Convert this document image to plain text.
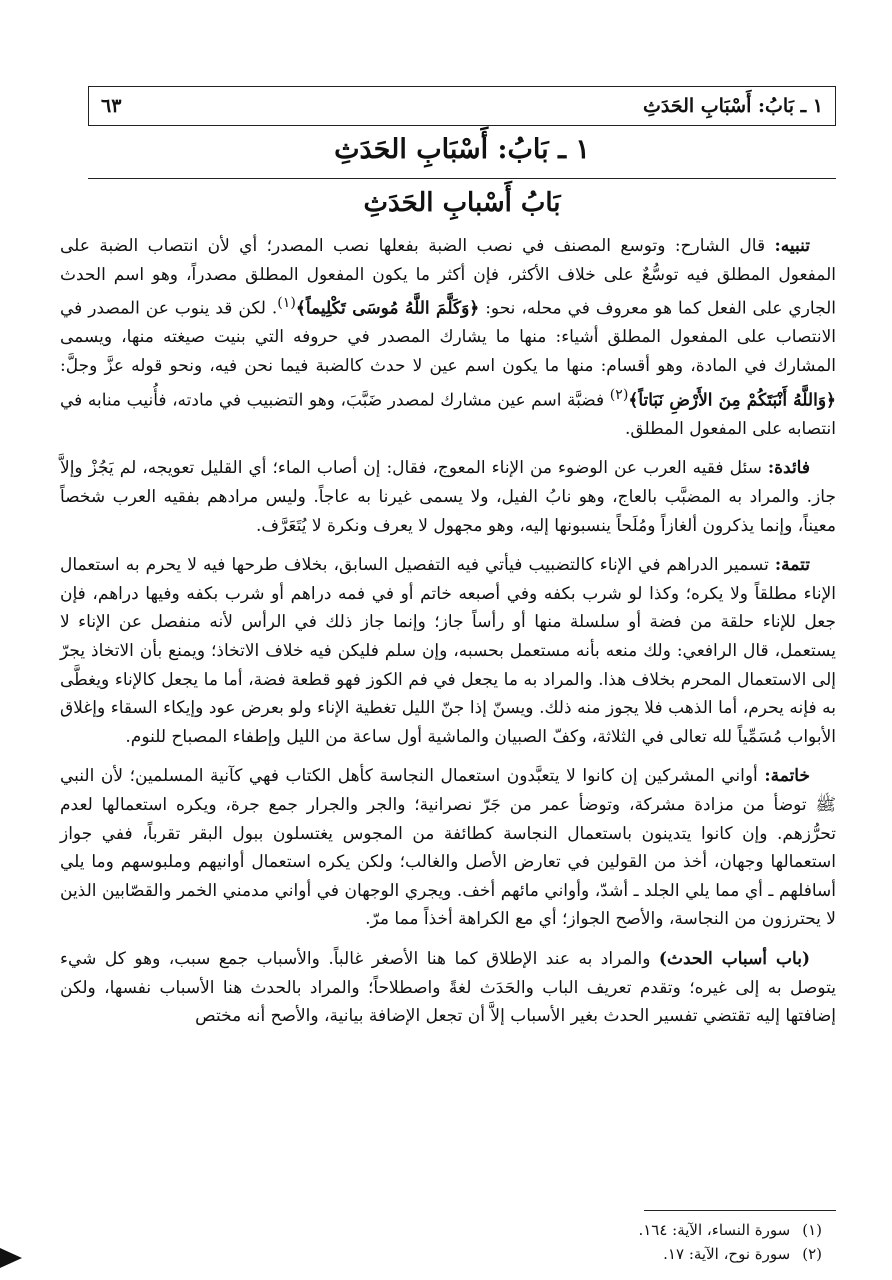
١ ـ بَابُ: أَسْبَابِ الحَدَثِ
٦٣
١ ـ بَابُ: أَسْبَابِ الحَدَثِ
بَابُ أَسْبابِ الحَدَثِ

تنبيه: قال الشارح: وتوسع المصنف في نصب الضبة بفعلها نصب المصدر؛ أي لأن انتصاب الضبة على المفعول المطلق فيه توسُّعٌ على خلاف الأكثر، فإن أكثر ما يكون المفعول المطلق مصدراً، وهو اسم الحدث الجاري على الفعل كما هو معروف في محله، نحو: ﴿وَكَلَّمَ اللَّهُ مُوسَى تَكْلِيماً﴾$^{(١)}$. لكن قد ينوب عن المصدر في الانتصاب على المفعول المطلق أشياء: منها ما يشارك المصدر في حروفه التي بنيت صيغته منها، ويسمى المشارك في المادة، وهو أقسام: منها ما يكون اسم عين لا حدث كالضبة فيما نحن فيه، ونحو قوله عزَّ وجلَّ: ﴿وَاللَّهُ أَنْبَتَكُمْ مِنَ الأَرْضِ نَبَاتاً﴾$^{(٢)}$ فضبَّة اسم عين مشارك لمصدر ضَبَّبَ، وهو التضبيب في مادته، فأُنيب منابه في انتصابه على المفعول المطلق.

فائدة: سئل فقيه العرب عن الوضوء من الإناء المعوج، فقال: إن أصاب الماء؛ أي القليل تعويجه، لم يَجُزْ وإلاَّ جاز. والمراد به المضبَّب بالعاج، وهو نابُ الفيل، ولا يسمى غيرنا به عاجاً. وليس مرادهم بفقيه العرب شخصاً معيناً، وإنما يذكرون ألغازاً ومُلَحاً ينسبونها إليه، وهو مجهول لا يعرف ونكرة لا يُتَعَرَّف.

تتمة: تسمير الدراهم في الإناء كالتضبيب فيأتي فيه التفصيل السابق، بخلاف طرحها فيه لا يحرم به استعمال الإناء مطلقاً ولا يكره؛ وكذا لو شرب بكفه وفي أصبعه خاتم أو في فمه دراهم أو شرب بكفه وفيها دراهم، فإن جعل للإناء حلقة من فضة أو سلسلة منها أو رأساً جاز؛ وإنما جاز ذلك في الرأس لأنه منفصل عن الإناء لا يستعمل، قال الرافعي: ولك منعه بأنه مستعمل بحسبه، وإن سلم فليكن فيه خلاف الاتخاذ؛ ويمنع بأن الاتخاذ يجرّ إلى الاستعمال المحرم بخلاف هذا. والمراد به ما يجعل في فم الكوز فهو قطعة فضة، أما ما يجعل كالإناء ويغطَّى به فإنه يحرم، أما الذهب فلا يجوز منه ذلك. ويسنّ إذا جنّ الليل تغطية الإناء ولو بعرض عود وإيكاء السقاء وإغلاق الأبواب مُسَمِّياً لله تعالى في الثلاثة، وكفّ الصبيان والماشية أول ساعة من الليل وإطفاء المصباح للنوم.

خاتمة: أواني المشركين إن كانوا لا يتعبَّدون استعمال النجاسة كأهل الكتاب فهي كآنية المسلمين؛ لأن النبي ﷺ توضأ من مزادة مشركة، وتوضأ عمر من جَرّ نصرانية؛ والجر والجرار جمع جرة، ويكره استعمالها لعدم تحرُّزهم. وإن كانوا يتدينون باستعمال النجاسة كطائفة من المجوس يغتسلون ببول البقر تقرباً، ففي جواز استعمالها وجهان، أخذ من القولين في تعارض الأصل والغالب؛ ولكن يكره استعمال أوانيهم وملبوسهم وما يلي أسافلهم ـ أي مما يلي الجلد ـ أشدّ، وأواني مائهم أخف. ويجري الوجهان في أواني مدمني الخمر والقصّابين الذين لا يحترزون من النجاسة، والأصح الجواز؛ أي مع الكراهة أخذاً مما مرّ.

(باب أسباب الحدث) والمراد به عند الإطلاق كما هنا الأصغر غالباً. والأسباب جمع سبب، وهو كل شيء يتوصل به إلى غيره؛ وتقدم تعريف الباب والحَدَث لغةً واصطلاحاً؛ والمراد بالحدث هنا الأسباب نفسها، ولكن إضافتها إليه تقتضي تفسير الحدث بغير الأسباب إلاَّ أن تجعل الإضافة بيانية، والأصح أنه مختص

(١)سورة النساء، الآية: ١٦٤.

(٢)سورة نوح، الآية: ١٧.
